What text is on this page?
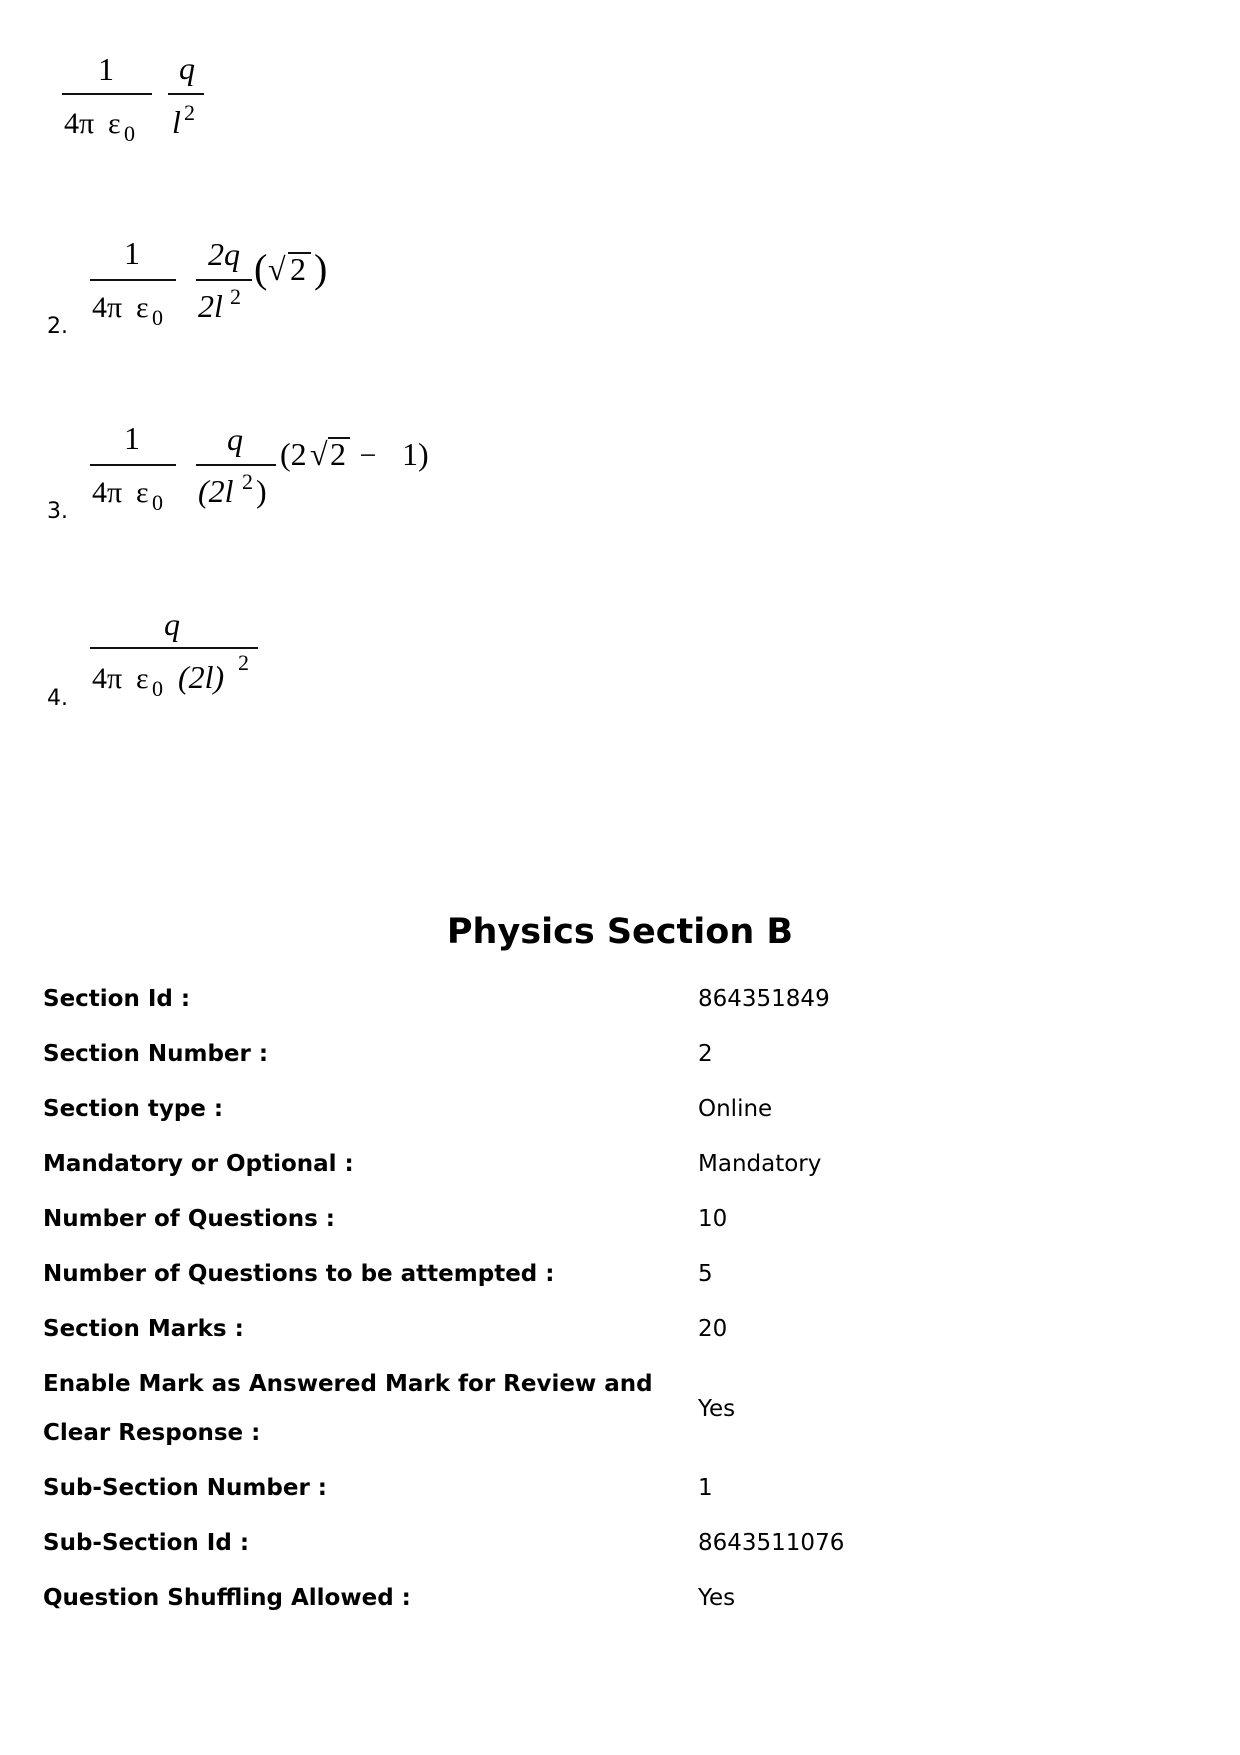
1
4π ε 0
q
l 2
2.
1
4π ε 0
2q
2l 2
( √ 2 )
3.
1
4π ε 0
q
(2l 2 )
(2 √ 2 − 1)
4.
q
4π ε 0 (2l) 2
Physics Section B
Section Id :	864351849
Section Number :	2
Section type :	Online
Mandatory or Optional :	Mandatory
Number of Questions :	10
Number of Questions to be attempted :	5
Section Marks :	20
Enable Mark as Answered Mark for Review and Clear Response :	Yes
Sub-Section Number :	1
Sub-Section Id :	8643511076
Question Shuffling Allowed :	Yes
